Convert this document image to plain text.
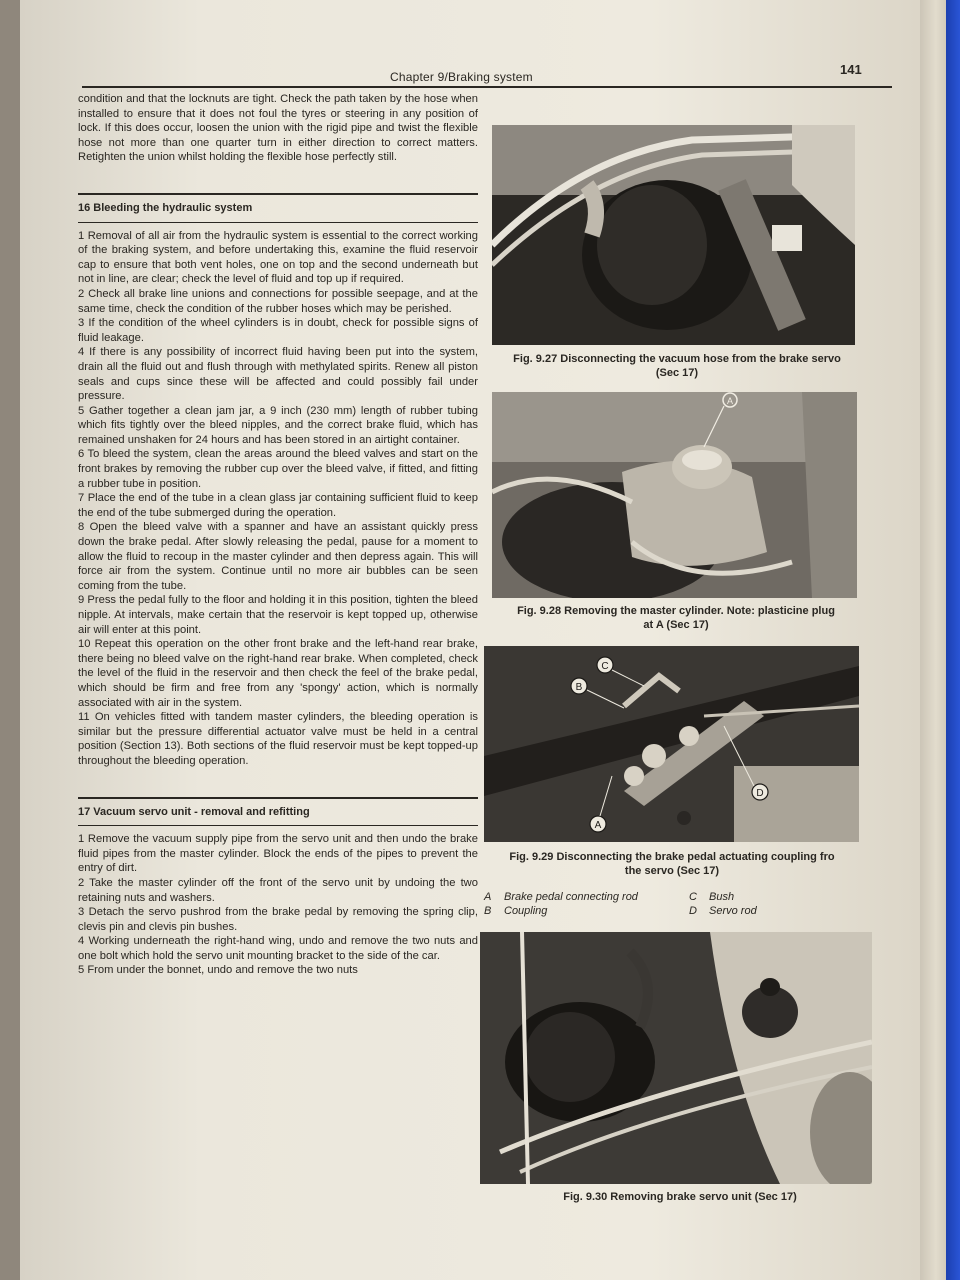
Chapter 9/Braking system	141

condition and that the locknuts are tight. Check the path taken by the hose when installed to ensure that it does not foul the tyres or steering in any position of lock. If this does occur, loosen the union with the rigid pipe and twist the flexible hose not more than one quarter turn in either direction to correct matters. Retighten the union whilst holding the flexible hose perfectly still.

16 Bleeding the hydraulic system

1 Removal of all air from the hydraulic system is essential to the correct working of the braking system, and before undertaking this, examine the fluid reservoir cap to ensure that both vent holes, one on top and the second underneath but not in line, are clear; check the level of fluid and top up if required.

2 Check all brake line unions and connections for possible seepage, and at the same time, check the condition of the rubber hoses which may be perished.

3 If the condition of the wheel cylinders is in doubt, check for possible signs of fluid leakage.

4 If there is any possibility of incorrect fluid having been put into the system, drain all the fluid out and flush through with methylated spirits. Renew all piston seals and cups since these will be affected and could possibly fail under pressure.

5 Gather together a clean jam jar, a 9 inch (230 mm) length of rubber tubing which fits tightly over the bleed nipples, and the correct brake fluid, which has remained unshaken for 24 hours and has been stored in an airtight container.

6 To bleed the system, clean the areas around the bleed valves and start on the front brakes by removing the rubber cup over the bleed valve, if fitted, and fitting a rubber tube in position.

7 Place the end of the tube in a clean glass jar containing sufficient fluid to keep the end of the tube submerged during the operation.

8 Open the bleed valve with a spanner and have an assistant quickly press down the brake pedal. After slowly releasing the pedal, pause for a moment to allow the fluid to recoup in the master cylinder and then depress again. This will force air from the system. Continue until no more air bubbles can be seen coming from the tube.

9 Press the pedal fully to the floor and holding it in this position, tighten the bleed nipple. At intervals, make certain that the reservoir is kept topped up, otherwise air will enter at this point.

10 Repeat this operation on the other front brake and the left-hand rear brake, there being no bleed valve on the right-hand rear brake. When completed, check the level of the fluid in the reservoir and then check the feel of the brake pedal, which should be firm and free from any 'spongy' action, which is normally associated with air in the system.

11 On vehicles fitted with tandem master cylinders, the bleeding operation is similar but the pressure differential actuator valve must be held in a central position (Section 13). Both sections of the fluid reservoir must be kept topped-up throughout the bleeding operation.

17 Vacuum servo unit - removal and refitting

1 Remove the vacuum supply pipe from the servo unit and then undo the brake fluid pipes from the master cylinder. Block the ends of the pipes to prevent the entry of dirt.

2 Take the master cylinder off the front of the servo unit by undoing the two retaining nuts and washers.

3 Detach the servo pushrod from the brake pedal by removing the spring clip, clevis pin and clevis pin bushes.

4 Working underneath the right-hand wing, undo and remove the two nuts and one bolt which hold the servo unit mounting bracket to the side of the car.

5 From under the bonnet, undo and remove the two nuts

Fig. 9.27 Disconnecting the vacuum hose from the brake servo
(Sec 17)
A
Fig. 9.28 Removing the master cylinder. Note: plasticine plug
at A (Sec 17)
C
B
D
A
Fig. 9.29 Disconnecting the brake pedal actuating coupling fro
the servo (Sec 17)
A	Brake pedal connecting rod	C	Bush
B	Coupling	D	Servo rod
Fig. 9.30 Removing brake servo unit (Sec 17)
